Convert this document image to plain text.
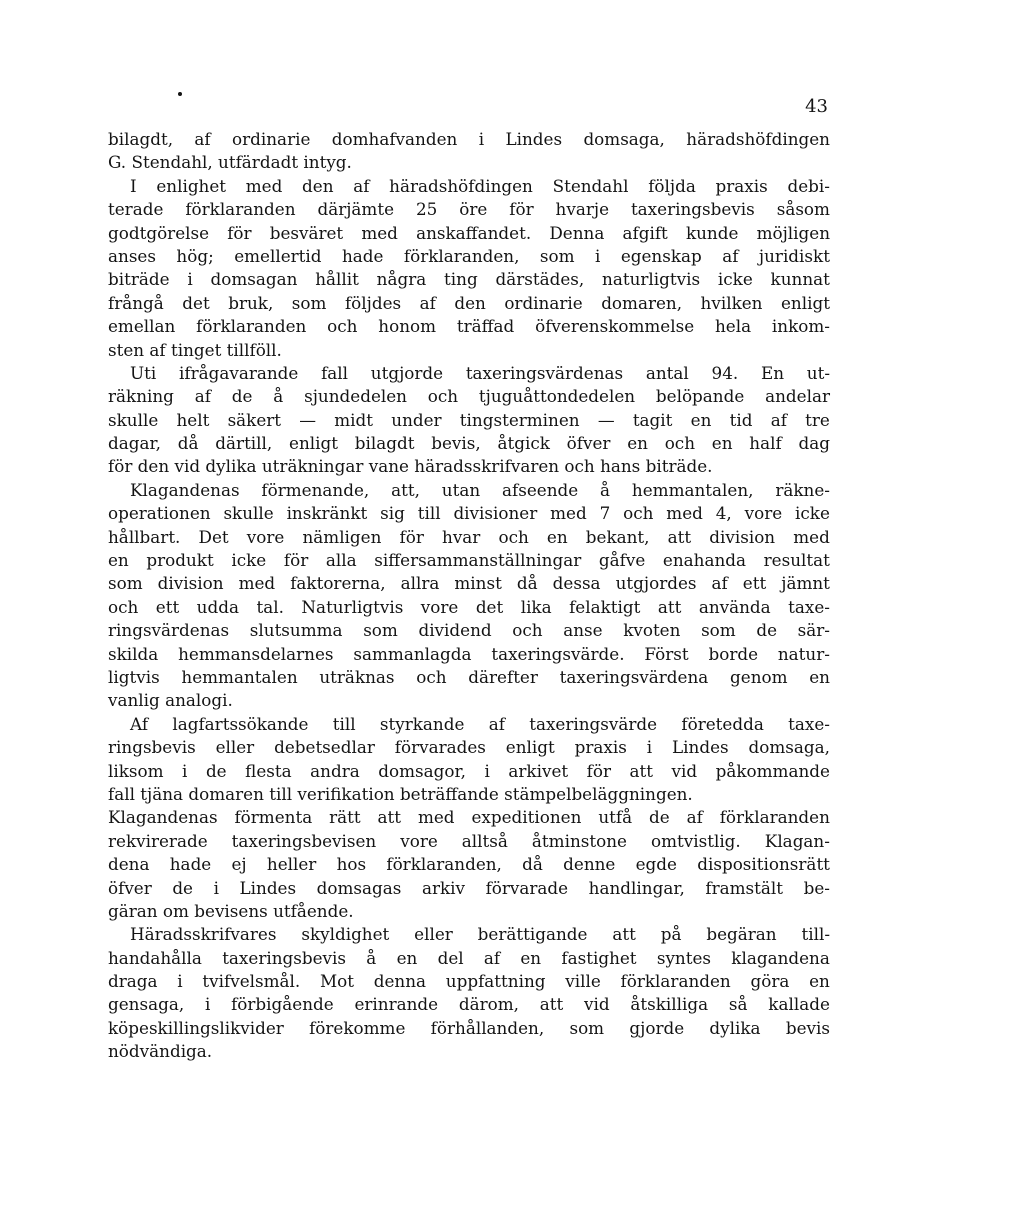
43
bilagdt, af ordinarie domhafvanden i Lindes domsaga, häradshöfdingen
G. Stendahl, utfärdadt intyg.
I enlighet med den af häradshöfdingen Stendahl följda praxis debi-
terade förklaranden därjämte 25 öre för hvarje taxeringsbevis såsom
godtgörelse för besväret med anskaffandet. Denna afgift kunde möjligen
anses hög; emellertid hade förklaranden, som i egenskap af juridiskt
biträde i domsagan hållit några ting därstädes, naturligtvis icke kunnat
frångå det bruk, som följdes af den ordinarie domaren, hvilken enligt
emellan förklaranden och honom träffad öfverenskommelse hela inkom-
sten af tinget tillföll.
Uti ifrågavarande fall utgjorde taxeringsvärdenas antal 94. En ut-
räkning af de å sjundedelen och tjuguåttondedelen belöpande andelar
skulle helt säkert — midt under tingsterminen — tagit en tid af tre
dagar, då därtill, enligt bilagdt bevis, åtgick öfver en och en half dag
för den vid dylika uträkningar vane häradsskrifvaren och hans biträde.
Klagandenas förmenande, att, utan afseende å hemmantalen, räkne-
operationen skulle inskränkt sig till divisioner med 7 och med 4, vore icke
hållbart. Det vore nämligen för hvar och en bekant, att division med
en produkt icke för alla siffersammanställningar gåfve enahanda resultat
som division med faktorerna, allra minst då dessa utgjordes af ett jämnt
och ett udda tal. Naturligtvis vore det lika felaktigt att använda taxe-
ringsvärdenas slutsumma som dividend och anse kvoten som de sär-
skilda hemmansdelarnes sammanlagda taxeringsvärde. Först borde natur-
ligtvis hemmantalen uträknas och därefter taxeringsvärdena genom en
vanlig analogi.
Af lagfartssökande till styrkande af taxeringsvärde företedda taxe-
ringsbevis eller debetsedlar förvarades enligt praxis i Lindes domsaga,
liksom i de flesta andra domsagor, i arkivet för att vid påkommande
fall tjäna domaren till verifikation beträffande stämpelbeläggningen.
Klagandenas förmenta rätt att med expeditionen utfå de af förklaranden
rekvirerade taxeringsbevisen vore alltså åtminstone omtvistlig. Klagan-
dena hade ej heller hos förklaranden, då denne egde dispositionsrätt
öfver de i Lindes domsagas arkiv förvarade handlingar, framstält be-
gäran om bevisens utfående.
Häradsskrifvares skyldighet eller berättigande att på begäran till-
handahålla taxeringsbevis å en del af en fastighet syntes klagandena
draga i tvifvelsmål. Mot denna uppfattning ville förklaranden göra en
gensaga, i förbigående erinrande därom, att vid åtskilliga så kallade
köpeskillingslikvider förekomme förhållanden, som gjorde dylika bevis
nödvändiga.
